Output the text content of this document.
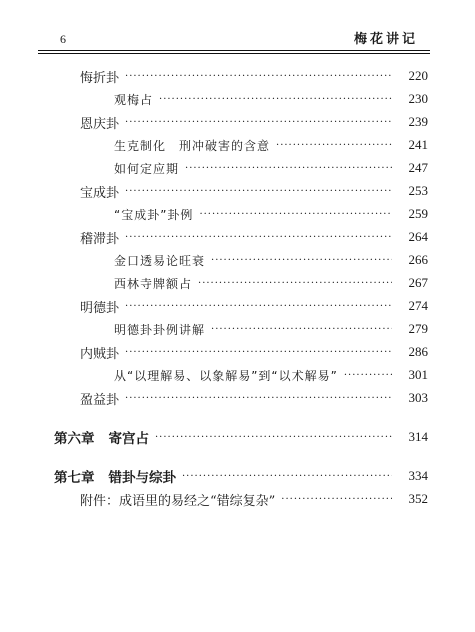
6	梅花讲记
悔折卦 ·····	220
观梅占 ·····	230
恩庆卦 ·····	239
生克制化　刑冲破害的含意 ·····	241
如何定应期 ·····	247
宝成卦 ·····	253
“宝成卦”卦例 ·····	259
稽滞卦 ·····	264
金口透易论旺衰 ·····	266
西林寺牌额占 ·····	267
明德卦 ·····	274
明德卦卦例讲解 ·····	279
内贼卦 ·····	286
从“以理解易、以象解易”到“以术解易” ·····	301
盈益卦 ·····	303
第六章 寄宫占 ·····	314
第七章 错卦与综卦 ·····	334
附件：成语里的易经之“错综复杂” ·····	352
